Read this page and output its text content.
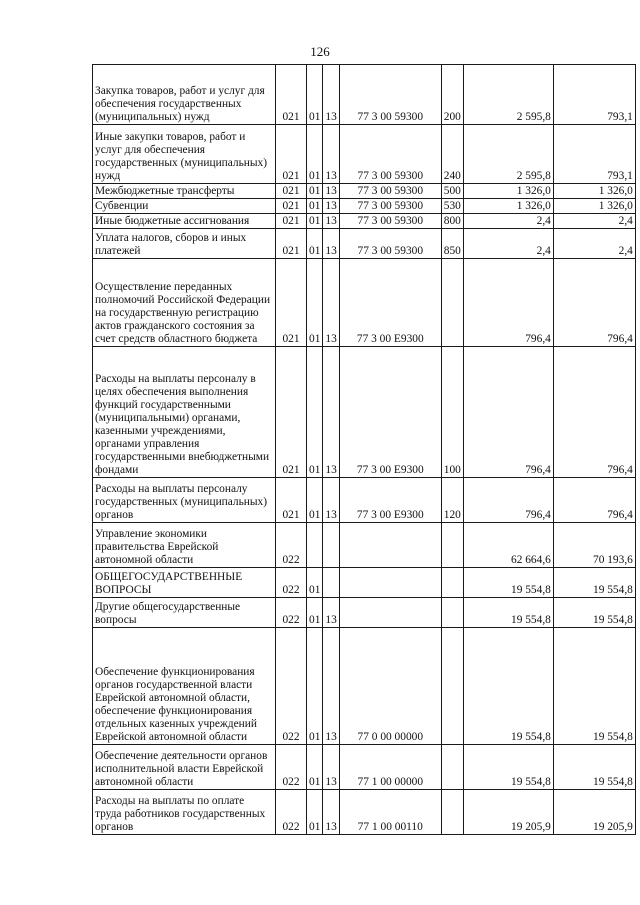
126
Закупка товаров, работ и услуг для обеспечения государственных (муниципальных) нужд	021	01	13	77 3 00 59300	200	2 595,8	793,1
Иные закупки товаров, работ и услуг для обеспечения государственных (муниципальных) нужд	021	01	13	77 3 00 59300	240	2 595,8	793,1
Межбюджетные трансферты	021	01	13	77 3 00 59300	500	1 326,0	1 326,0
Субвенции	021	01	13	77 3 00 59300	530	1 326,0	1 326,0
Иные бюджетные ассигнования	021	01	13	77 3 00 59300	800	2,4	2,4
Уплата налогов, сборов и иных платежей	021	01	13	77 3 00 59300	850	2,4	2,4
Осуществление переданных полномочий Российской Федерации на государственную регистрацию актов гражданского состояния за счет средств областного бюджета	021	01	13	77 3 00 E9300		796,4	796,4
Расходы на выплаты персоналу в целях обеспечения выполнения функций государственными (муниципальными) органами, казенными учреждениями, органами управления государственными внебюджетными фондами	021	01	13	77 3 00 E9300	100	796,4	796,4
Расходы на выплаты персоналу государственных (муниципальных) органов	021	01	13	77 3 00 E9300	120	796,4	796,4
Управление экономики правительства Еврейской автономной области	022					62 664,6	70 193,6
ОБЩЕГОСУДАРСТВЕННЫЕ ВОПРОСЫ	022	01				19 554,8	19 554,8
Другие общегосударственные вопросы	022	01	13			19 554,8	19 554,8
Обеспечение функционирования органов государственной власти Еврейской автономной области, обеспечение функционирования отдельных казенных учреждений Еврейской автономной области	022	01	13	77 0 00 00000		19 554,8	19 554,8
Обеспечение деятельности органов исполнительной власти Еврейской автономной области	022	01	13	77 1 00 00000		19 554,8	19 554,8
Расходы на выплаты по оплате труда работников государственных органов	022	01	13	77 1 00 00110		19 205,9	19 205,9
